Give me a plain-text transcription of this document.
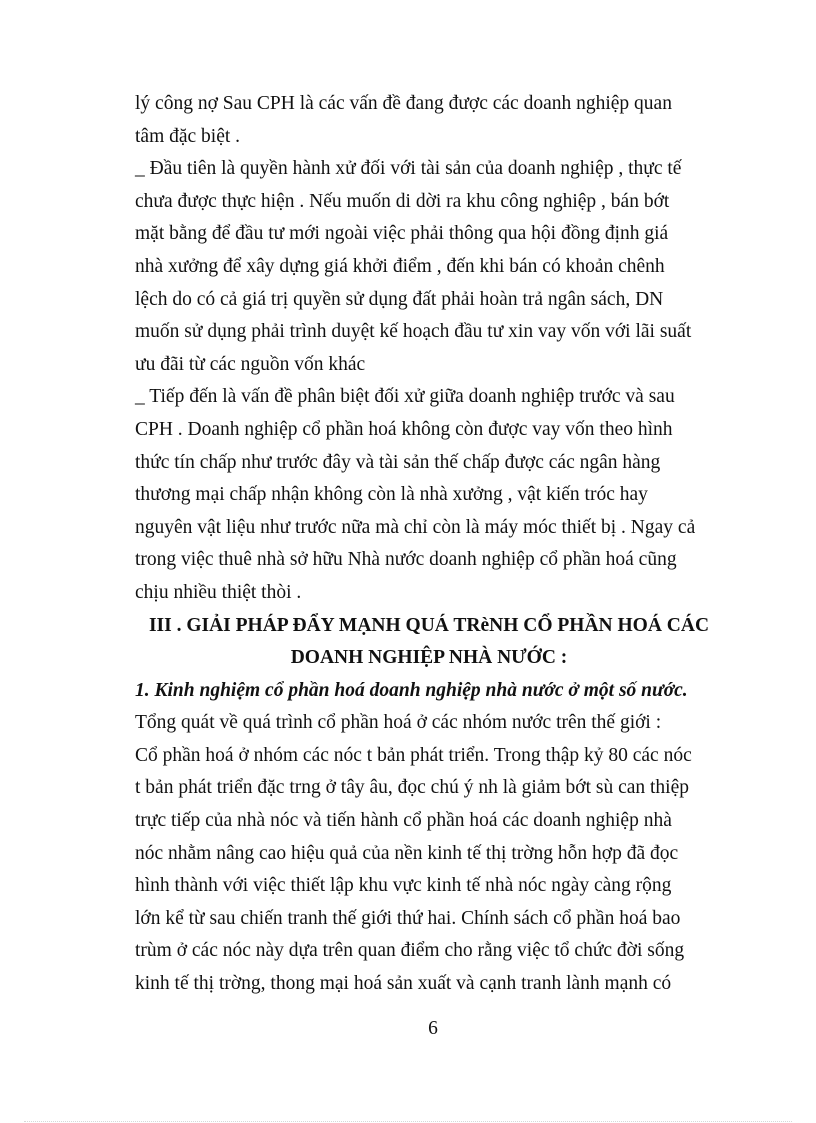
lý công nợ Sau CPH là các vấn đề đang được các doanh nghiệp quan

tâm đặc biệt .

_ Đầu tiên là quyền hành xử đối với tài sản của doanh nghiệp , thực tế

chưa được thực hiện . Nếu muốn di dời ra khu công nghiệp , bán bớt

mặt bằng để đầu tư mới ngoài việc phải thông qua hội đồng định giá

nhà xưởng để xây dựng giá khởi điểm , đến khi bán có khoản chênh

lệch do có cả giá trị quyền sử dụng đất phải hoàn trả ngân sách, DN

muốn sử dụng phải trình duyệt kế hoạch đầu tư xin vay vốn với lãi suất

ưu đãi từ các nguồn vốn khác

_ Tiếp đến là vấn đề phân biệt đối xử giữa doanh nghiệp trước và sau

CPH . Doanh nghiệp cổ phần hoá không còn được vay vốn theo hình

thức tín chấp như trước đây và tài sản thế chấp được các ngân hàng

thương mại chấp nhận không còn là nhà xưởng , vật kiến tróc hay

nguyên vật liệu như trước nữa mà chỉ còn là máy móc thiết bị . Ngay cả

trong việc thuê nhà sở hữu Nhà nước doanh nghiệp cổ phần hoá cũng

chịu nhiều thiệt thòi .

III . GIẢI PHÁP ĐẨY MẠNH QUÁ TRèNH CỔ PHẦN HOÁ CÁC

DOANH NGHIỆP NHÀ NƯỚC :

1. Kinh nghiệm cổ phần hoá doanh nghiệp nhà nước ở một số nước.

Tổng quát về quá trình cổ phần hoá ở các nhóm nước trên thế giới :

Cổ phần hoá ở nhóm các nóc t bản phát triển. Trong thập kỷ 80 các nóc

t bản phát triển đặc trng ở tây âu, đọc chú ý nh là giảm bớt sù can thiệp

trực tiếp của nhà nóc và tiến hành cổ phần hoá các doanh nghiệp nhà

nóc nhằm nâng cao hiệu quả của nền kinh tế thị trờng hỗn hợp đã đọc

hình thành với việc thiết lập khu vực kinh tế nhà nóc ngày càng rộng

lớn kể từ sau chiến tranh thế giới thứ hai. Chính sách cổ phần hoá bao

trùm ở các nóc này dựa trên quan điểm cho rằng việc tổ chức đời sống

kinh tế thị trờng, thong mại hoá sản xuất và cạnh tranh lành mạnh có

6
